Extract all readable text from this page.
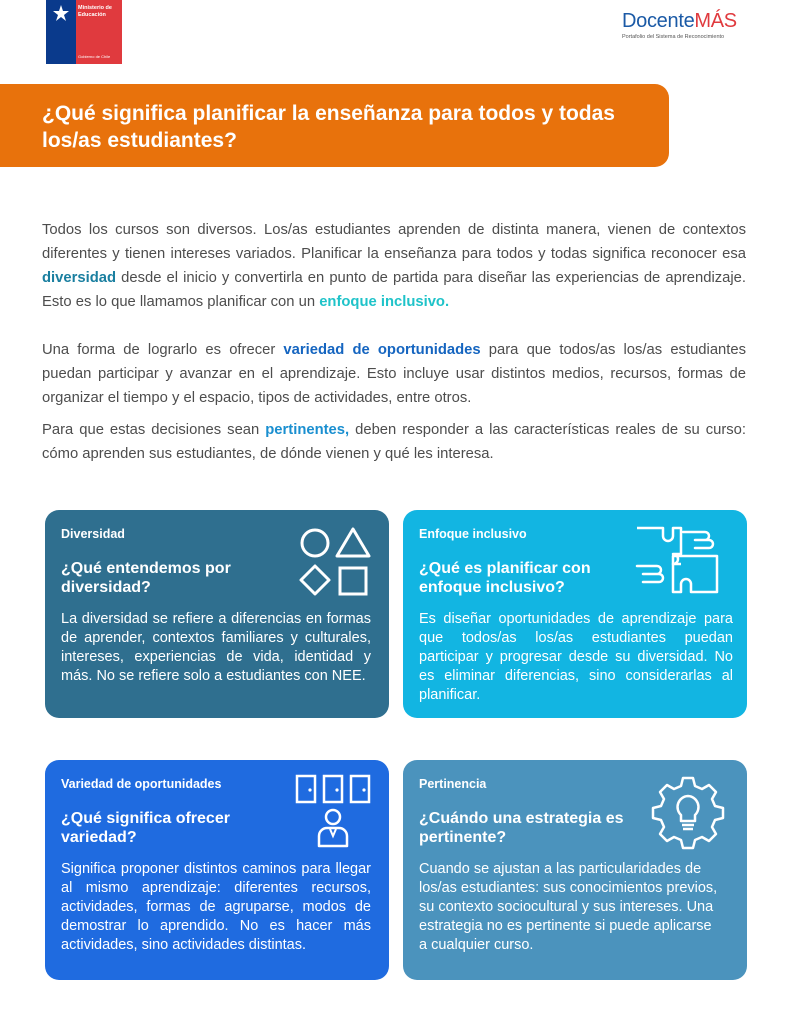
Ministerio de Educación
Gobierno de Chile
DocenteMÁS
Portafolio del Sistema de Reconocimiento
¿Qué significa planificar la enseñanza para todos y todas los/as estudiantes?

Todos los cursos son diversos. Los/as estudiantes aprenden de distinta manera, vienen de contextos diferentes y tienen intereses variados. Planificar la enseñanza para todos y todas significa reconocer esa diversidad desde el inicio y convertirla en punto de partida para diseñar las experiencias de aprendizaje. Esto es lo que llamamos planificar con un enfoque inclusivo.

Una forma de lograrlo es ofrecer variedad de oportunidades para que todos/as los/as estudiantes puedan participar y avanzar en el aprendizaje. Esto incluye usar distintos medios, recursos, formas de organizar el tiempo y el espacio, tipos de actividades, entre otros.

Para que estas decisiones sean pertinentes, deben responder a las características reales de su curso: cómo aprenden sus estudiantes, de dónde vienen y qué les interesa.

Diversidad
¿Qué entendemos por diversidad?
La diversidad se refiere a diferencias en formas de aprender, contextos familiares y culturales, intereses, experiencias de vida, identidad y más. No se refiere solo a estudiantes con NEE.
Enfoque inclusivo
¿Qué es planificar con enfoque inclusivo?
Es diseñar oportunidades de aprendizaje para que todos/as los/as estudiantes puedan participar y progresar desde su diversidad. No es eliminar diferencias, sino considerarlas al planificar.
Variedad de oportunidades
¿Qué significa ofrecer variedad?
Significa proponer distintos caminos para llegar al mismo aprendizaje: diferentes recursos, actividades, formas de agruparse, modos de demostrar lo aprendido. No es hacer más actividades, sino actividades distintas.
Pertinencia
¿Cuándo una estrategia es pertinente?
Cuando se ajustan a las particularidades de los/as estudiantes: sus conocimientos previos, su contexto sociocultural y sus intereses. Una estrategia no es pertinente si puede aplicarse a cualquier curso.
